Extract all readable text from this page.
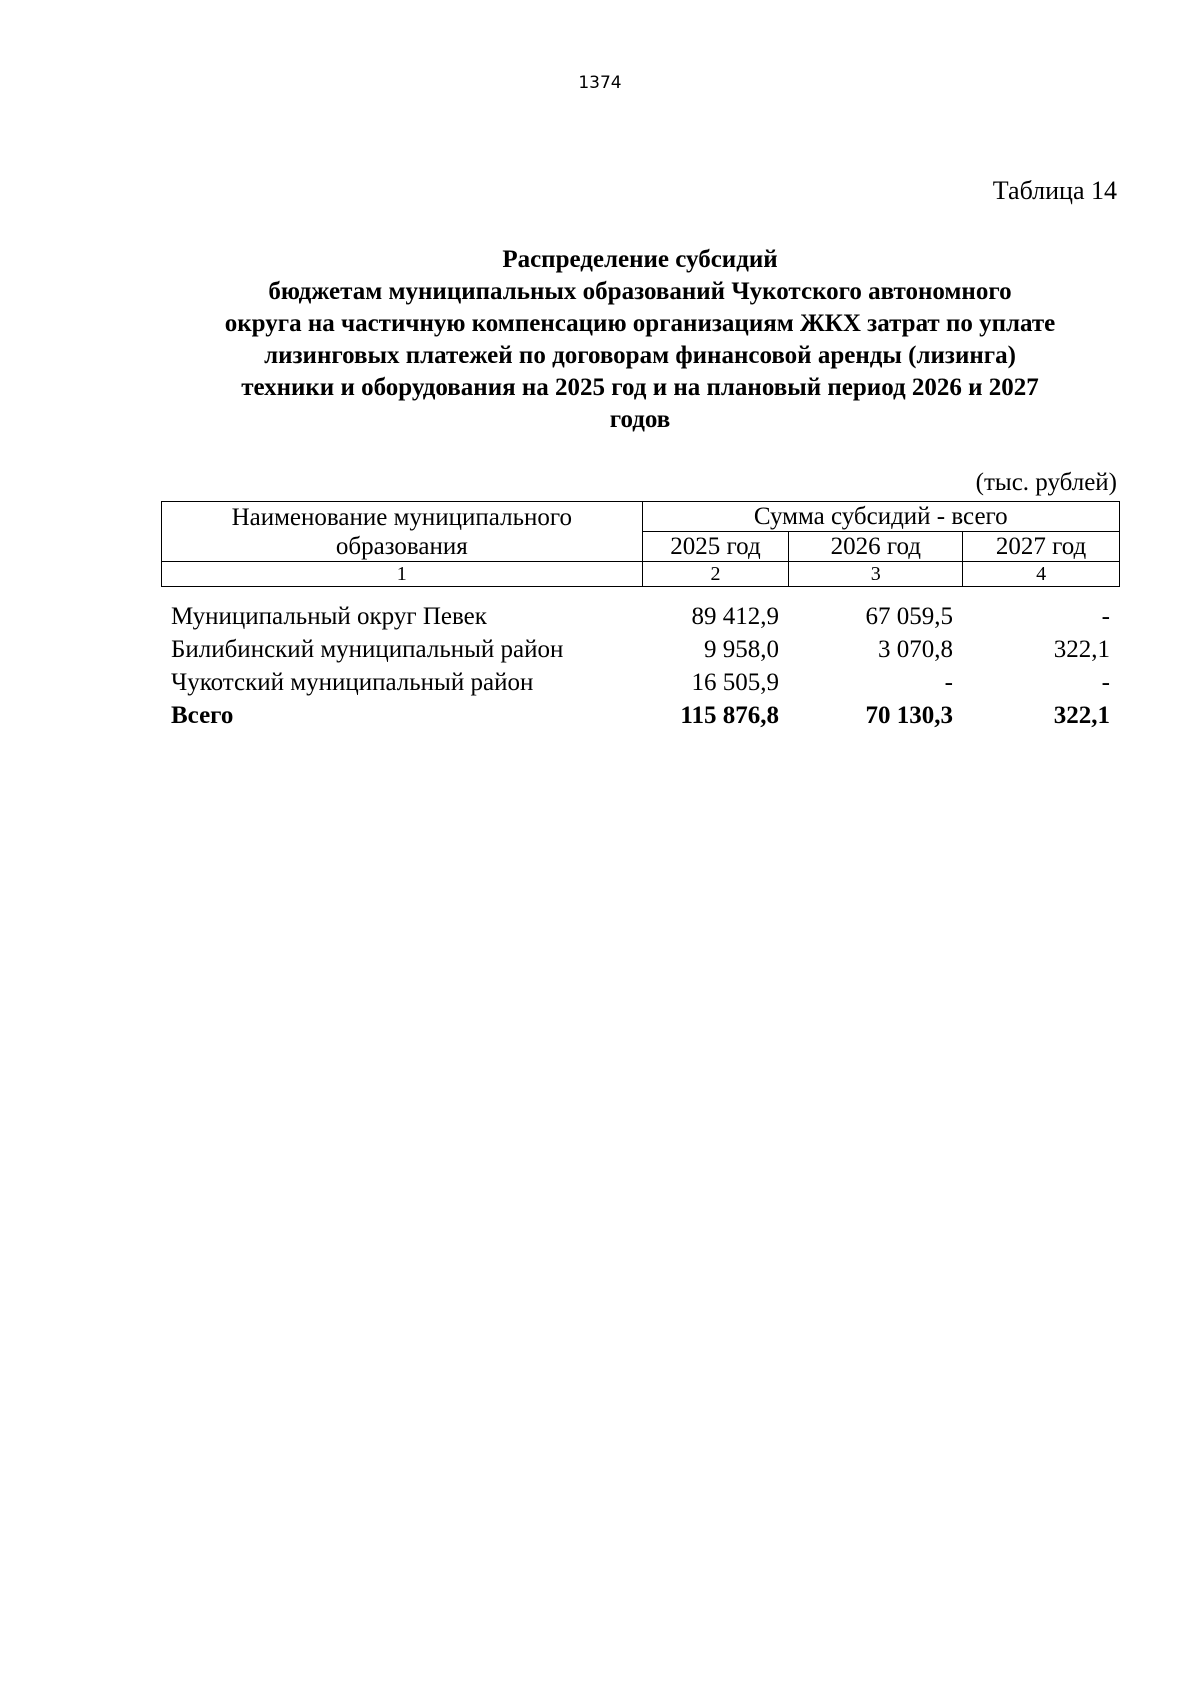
1374
Таблица 14
Распределение субсидий
бюджетам муниципальных образований Чукотского автономного
округа на частичную компенсацию организациям ЖКХ затрат по уплате
лизинговых платежей по договорам финансовой аренды (лизинга)
техники и оборудования на 2025 год и на плановый период 2026 и 2027
годов
(тыс. рублей)
Наименование муниципального образования	Сумма субсидий - всего		
	2025 год	2026 год	2027 год
1	2	3	4
Муниципальный округ Певек	89 412,9	67 059,5	-
Билибинский муниципальный район	9 958,0	3 070,8	322,1
Чукотский муниципальный район	16 505,9	-	-
Всего	115 876,8	70 130,3	322,1
